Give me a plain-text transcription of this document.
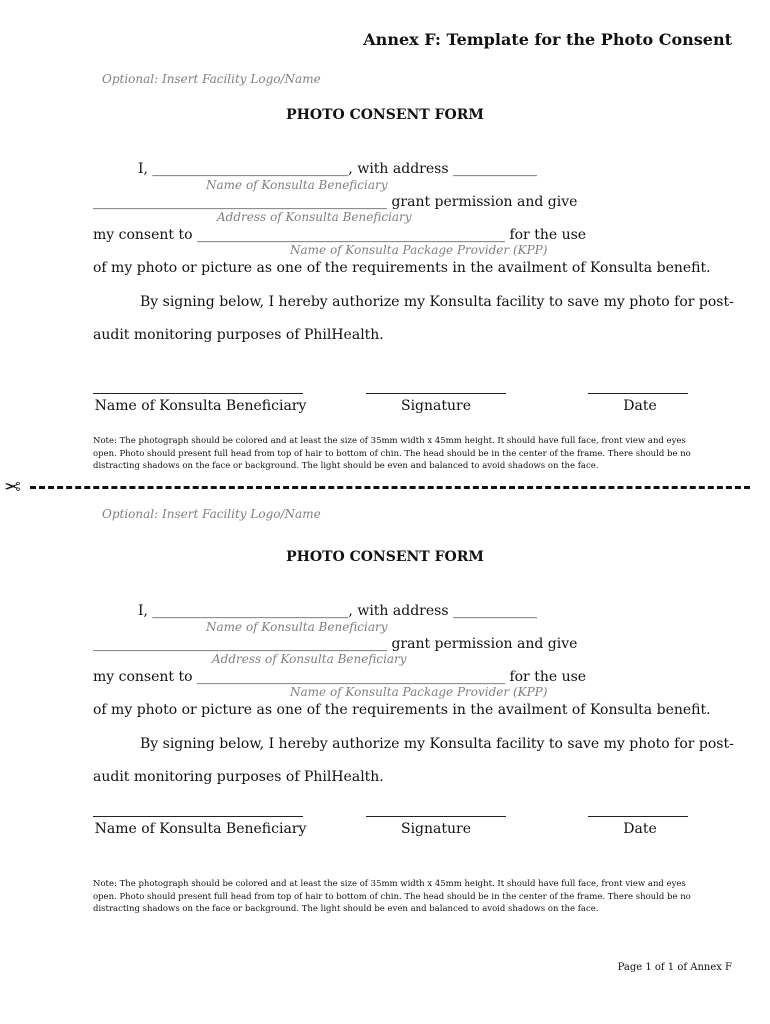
Annex F: Template for the Photo Consent
Optional: Insert Facility Logo/Name
PHOTO CONSENT FORM
I, ____________________________, with address ____________
Name of Konsulta Beneficiary
__________________________________________ grant permission and give
Address of Konsulta Beneficiary
my consent to ____________________________________________ for the use
Name of Konsulta Package Provider (KPP)
of my photo or picture as one of the requirements in the availment of Konsulta benefit.
By signing below, I hereby authorize my Konsulta facility to save my photo for post-
audit monitoring purposes of PhilHealth.
Name of Konsulta Beneficiary	Signature	Date
Note: The photograph should be colored and at least the size of 35mm width x 45mm height. It should have full face, front view and eyes open. Photo should present full head from top of hair to bottom of chin. The head should be in the center of the frame. There should be no distracting shadows on the face or background. The light should be even and balanced to avoid shadows on the face.
✂
Optional: Insert Facility Logo/Name
PHOTO CONSENT FORM
I, ____________________________, with address ____________
Name of Konsulta Beneficiary
__________________________________________ grant permission and give
Address of Konsulta Beneficiary
my consent to ____________________________________________ for the use
Name of Konsulta Package Provider (KPP)
of my photo or picture as one of the requirements in the availment of Konsulta benefit.
By signing below, I hereby authorize my Konsulta facility to save my photo for post-
audit monitoring purposes of PhilHealth.
Name of Konsulta Beneficiary	Signature	Date
Note: The photograph should be colored and at least the size of 35mm width x 45mm height. It should have full face, front view and eyes open. Photo should present full head from top of hair to bottom of chin. The head should be in the center of the frame. There should be no distracting shadows on the face or background. The light should be even and balanced to avoid shadows on the face.
Page 1 of 1 of Annex F
